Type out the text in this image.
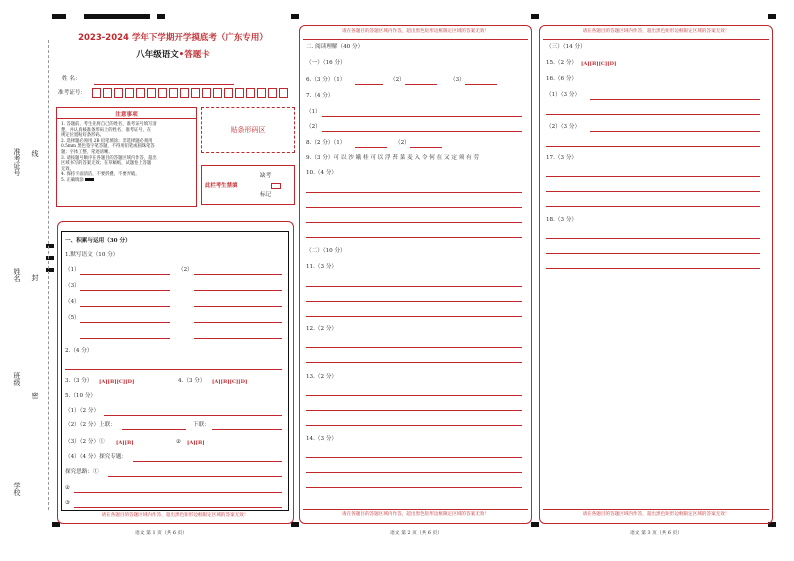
准考证号 线
姓名 封
班级
密
学校
2023-2024 学年下学期开学摸底考（广东专用）
八年级语文•答题卡
姓 名：
准考证号：
注意事项
1. 答题前，考生先将自己的姓名，准考证号填写清
楚，并认真核准条形码上的姓名、准考证号，在
规定位置贴好条形码。
2. 选择题必须用 2B 铅笔填涂；非选择题必须用
0.5mm 黑色签字笔答题，不得用铅笔或圆珠笔答
题；字体工整、笔迹清晰。
3. 请按题号顺序在各题目的答题区域内作答，超出
区域书写的答案无效；在草稿纸、试题卷上答题
无效。
4. 保持卡面清洁，不要折叠、不要弄破。
5. 正确填涂
贴条形码区
此栏考生禁填
缺考
标记
请在各题目的答题区域内作答，超出黑色矩形边框限定区域的答案无效！
一、积累与运用（30 分）
1.默写语文（10 分）
（1）	（2）
（3）
（4）
（5）
2.（4 分）
3.（3 分） [A][B][C][D]	4.（3 分） [A][B][C][D]
5.（10 分）
（1）（2 分）
（2）（2 分）上联：	下联：
（3）（2 分）① [A][B]	② [A][B]
（4）（4 分）探究专题：
探究思路：①
②
③
语文 第 1 页（共 6 页）
请在各题目的答题区域内作答，超出黑色矩形边框限定区域的答案无效！
请在各题目的答题区域内作答，超出黑色矩形边框限定区域的答案无效！
二. 阅读理解（40 分）
（一）（16 分）
6.（3 分）（1）	（2）	（3）
7.（4 分）
（1）
（2）
8.（2 分）（1）	（2）
9.（3 分）可 以 沙 娥 桂 可 以 浮 苔 菜 麦 入 令 何 在 又 定 须 有 劳
10.（4 分）
（二）（10 分）
11.（3 分）
12.（2 分）
13.（2 分）
14.（3 分）
语文 第 2 页（共 6 页）
请在各题目的答题区域内作答，超出黑色矩形边框限定区域的答案无效！
请在各题目的答题区域内作答，超出黑色矩形边框限定区域的答案无效！
（三）（14 分）
15.（2 分） [A][B][C][D]
16.（6 分）
（1）（3 分）
（2）（3 分）
17.（3 分）
18.（3 分）
语文 第 3 页（共 6 页）
